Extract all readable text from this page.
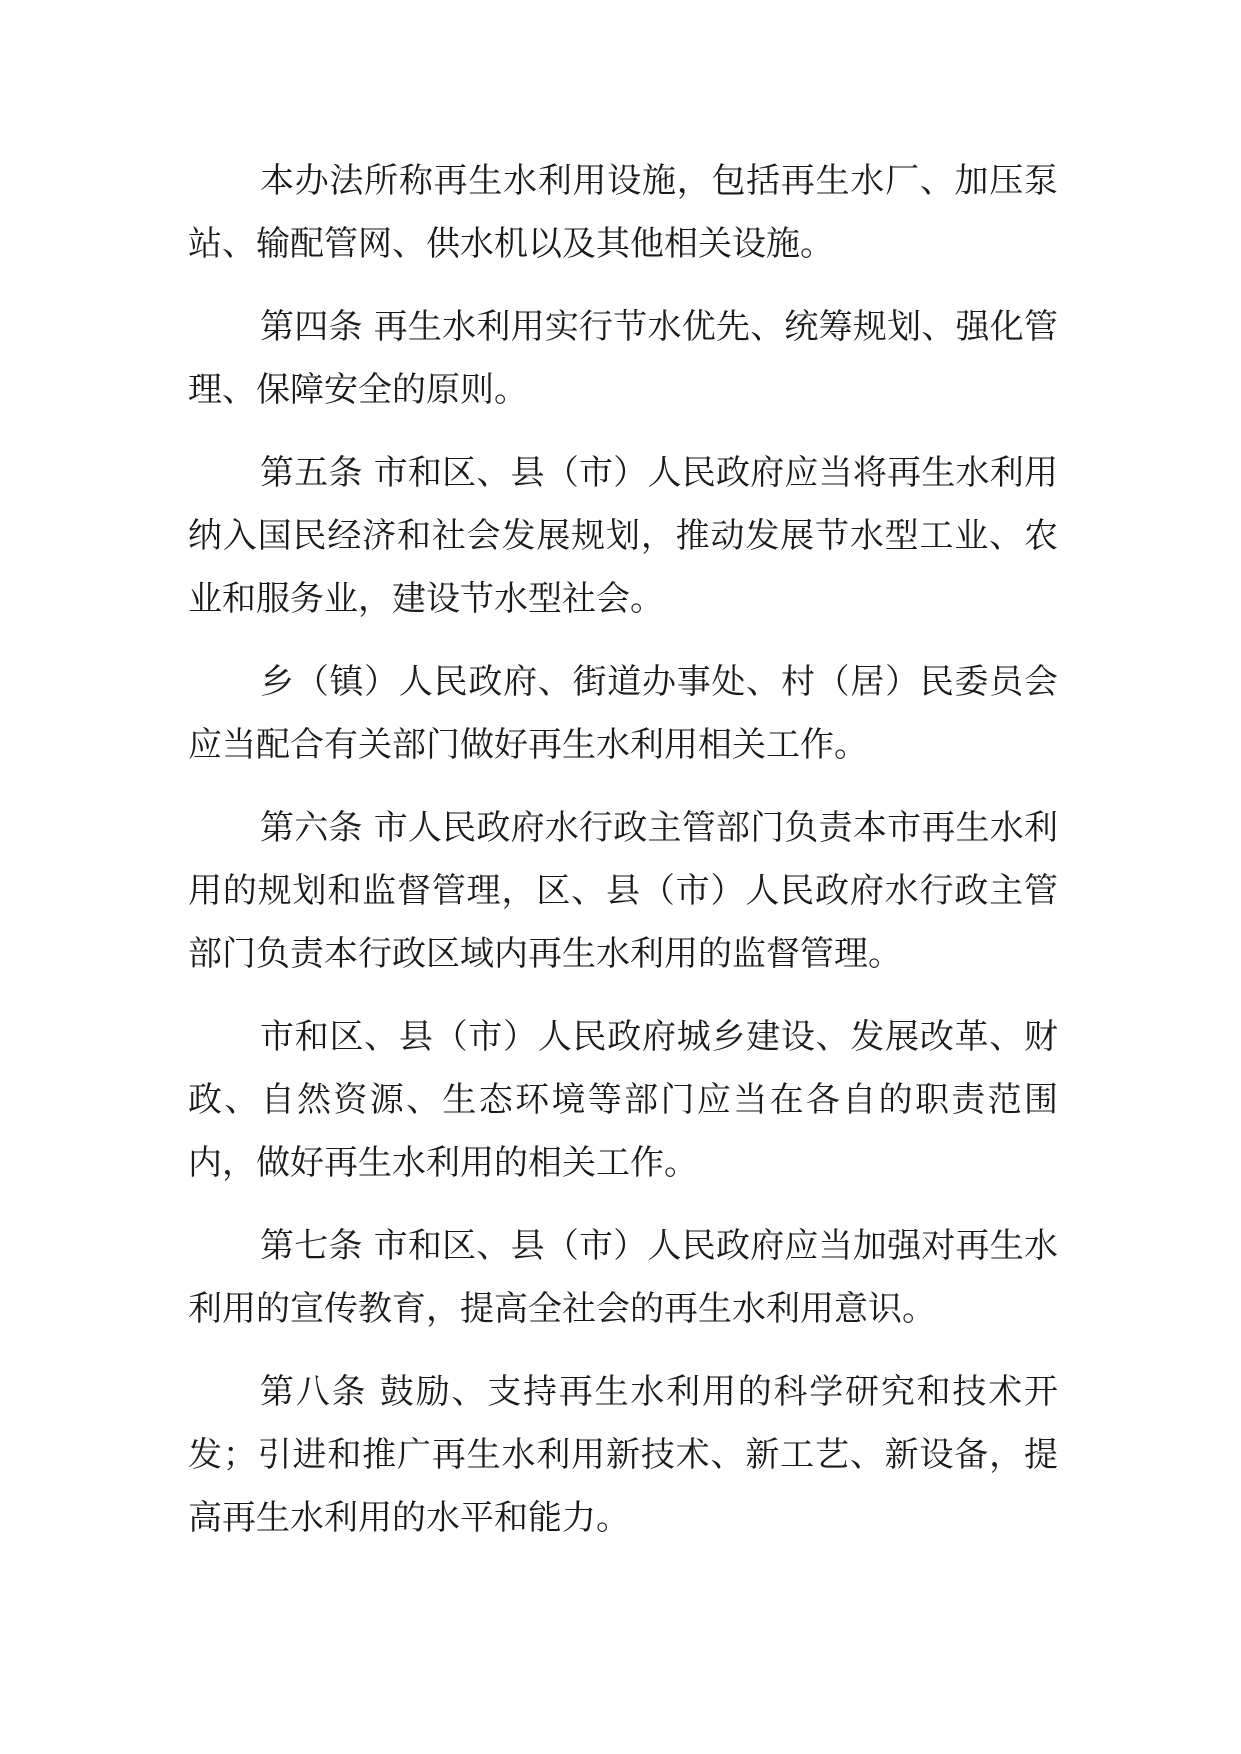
本办法所称再生水利用设施，包括再生水厂、加压泵站、输配管网、供水机以及其他相关设施。

第四条 再生水利用实行节水优先、统筹规划、强化管理、保障安全的原则。

第五条 市和区、县（市）人民政府应当将再生水利用纳入国民经济和社会发展规划，推动发展节水型工业、农业和服务业，建设节水型社会。

乡（镇）人民政府、街道办事处、村（居）民委员会应当配合有关部门做好再生水利用相关工作。

第六条 市人民政府水行政主管部门负责本市再生水利用的规划和监督管理，区、县（市）人民政府水行政主管部门负责本行政区域内再生水利用的监督管理。

市和区、县（市）人民政府城乡建设、发展改革、财政、自然资源、生态环境等部门应当在各自的职责范围内，做好再生水利用的相关工作。

第七条 市和区、县（市）人民政府应当加强对再生水利用的宣传教育，提高全社会的再生水利用意识。

第八条 鼓励、支持再生水利用的科学研究和技术开发；引进和推广再生水利用新技术、新工艺、新设备，提高再生水利用的水平和能力。
